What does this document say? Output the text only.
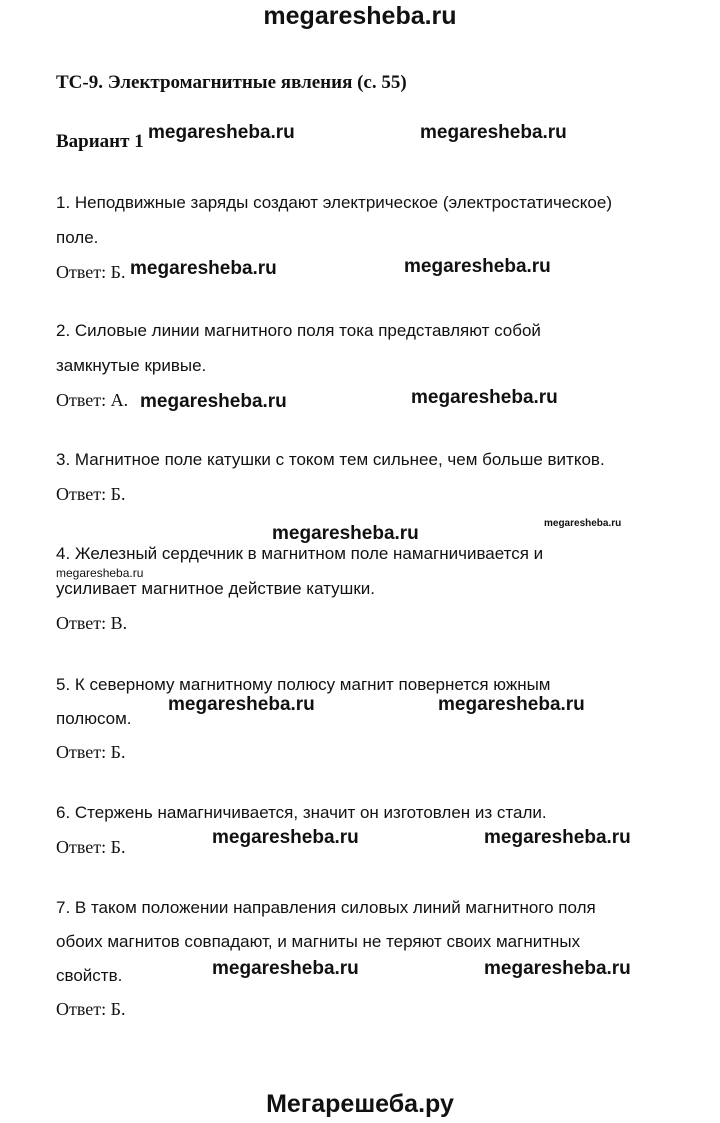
megaresheba.ru
ТС-9. Электромагнитные явления (с. 55)
Вариант 1 megaresheba.ru	megaresheba.ru
1. Неподвижные заряды создают электрическое (электростатическое)
поле.
Ответ: Б. megaresheba.ru	megaresheba.ru
2. Силовые линии магнитного поля тока представляют собой
замкнутые кривые.
Ответ: А. megaresheba.ru	megaresheba.ru
3. Магнитное поле катушки с током тем сильнее, чем больше витков.
Ответ: Б.
megaresheba.ru	megaresheba.ru
4. Железный сердечник в магнитном поле намагничивается и
megaresheba.ru
усиливает магнитное действие катушки.
Ответ: В.
5. К северному магнитному полюсу магнит повернется южным
полюсом.
megaresheba.ru	megaresheba.ru
Ответ: Б.
6. Стержень намагничивается, значит он изготовлен из стали.
Ответ: Б.	megaresheba.ru	megaresheba.ru
7. В таком положении направления силовых линий магнитного поля
обоих магнитов совпадают, и магниты не теряют своих магнитных
свойств.	megaresheba.ru	megaresheba.ru
Ответ: Б.
Мегарешеба.ру
